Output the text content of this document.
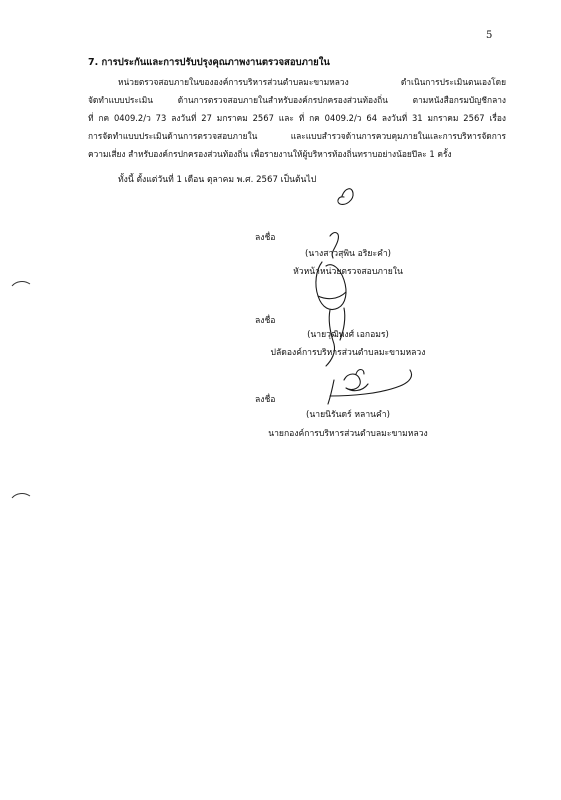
5
7. การประกันและการปรับปรุงคุณภาพงานตรวจสอบภายใน
หน่วยตรวจสอบภายในขององค์การบริหารส่วนตำบลมะขามหลวง ดำเนินการประเมินตนเองโดย
จัดทำแบบประเมิน ด้านการตรวจสอบภายในสำหรับองค์กรปกครองส่วนท้องถิ่น ตามหนังสือกรมบัญชีกลาง
ที่ กค 0409.2/ว 73 ลงวันที่ 27 มกราคม 2567 และ ที่ กค 0409.2/ว 64 ลงวันที่ 31 มกราคม 2567 เรื่อง
การจัดทำแบบประเมินด้านการตรวจสอบภายใน และแบบสำรวจด้านการควบคุมภายในและการบริหารจัดการ
ความเสี่ยง สำหรับองค์กรปกครองส่วนท้องถิ่น เพื่อรายงานให้ผู้บริหารท้องถิ่นทราบอย่างน้อยปีละ 1 ครั้ง
ทั้งนี้ ตั้งแต่วันที่ 1 เดือน ตุลาคม พ.ศ. 2567 เป็นต้นไป
ลงชื่อ
(นางสาวสุพิน อริยะคำ)
หัวหน้าหน่วยตรวจสอบภายใน
ลงชื่อ
(นายวุฒิพงศ์ เอกอมร)
ปลัดองค์การบริหารส่วนตำบลมะขามหลวง
ลงชื่อ
(นายนิรันดร์ หลานคำ)
นายกองค์การบริหารส่วนตำบลมะขามหลวง
